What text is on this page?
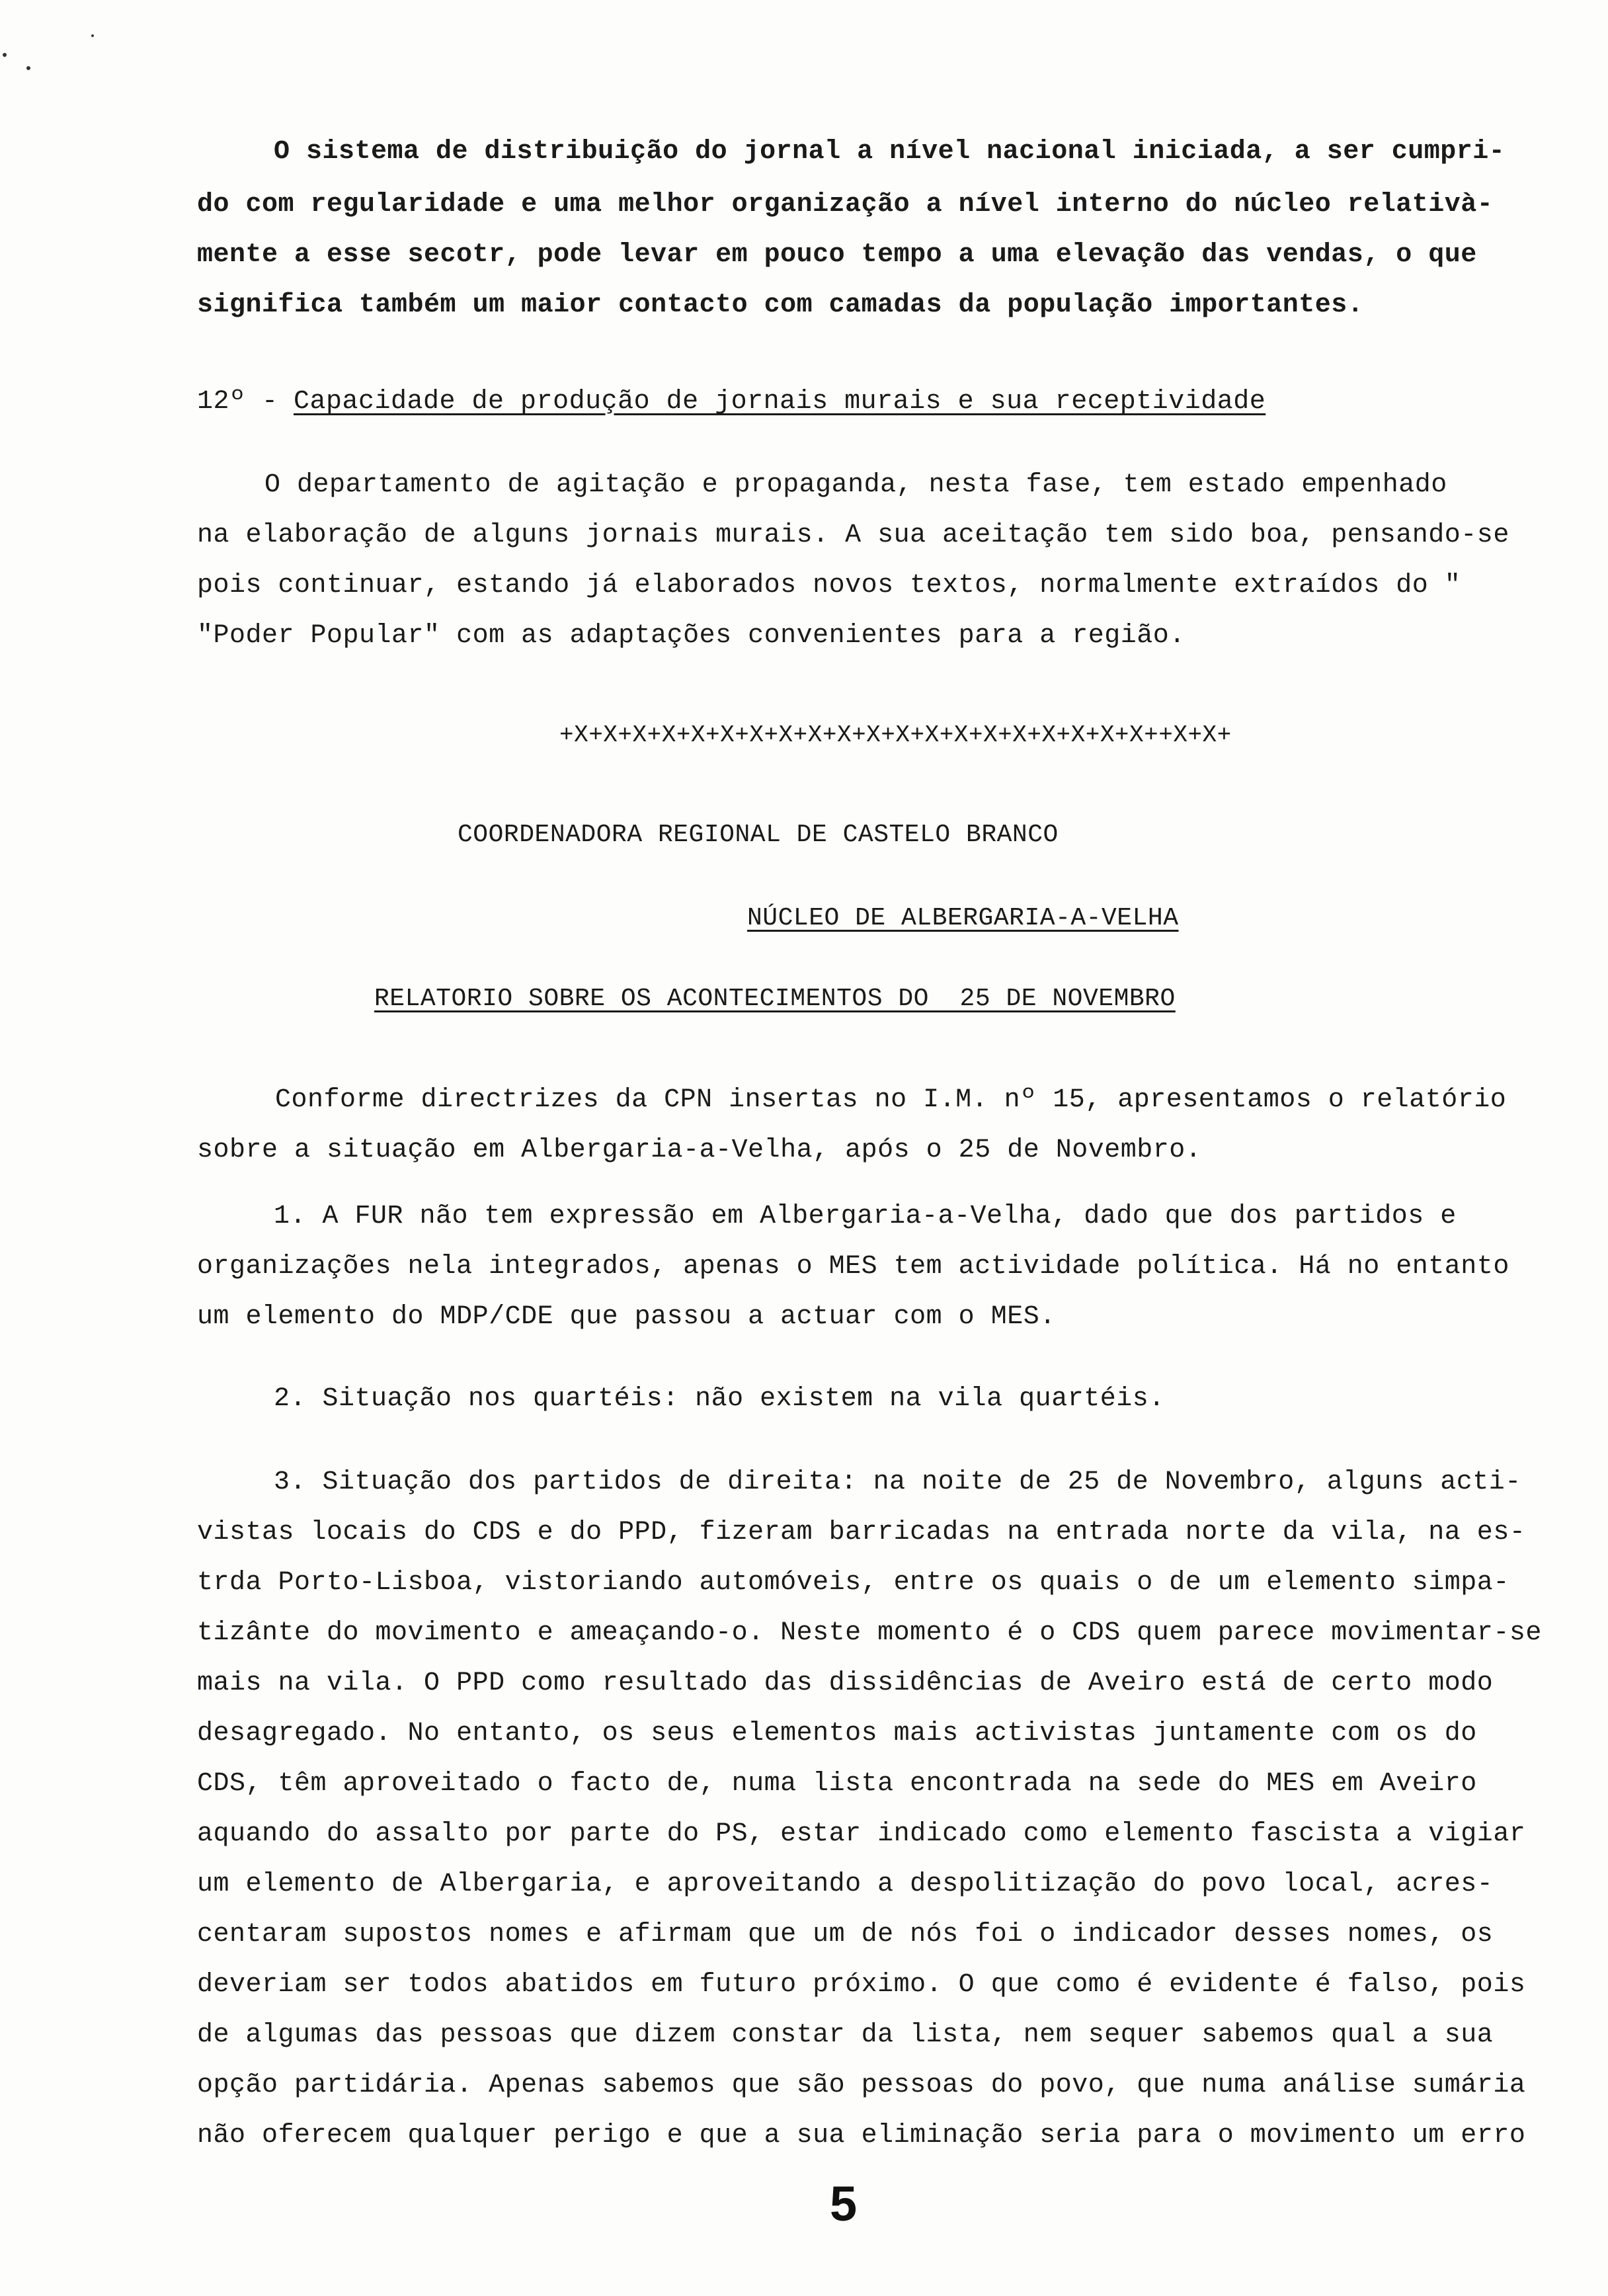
O sistema de distribuição do jornal a nível nacional iniciada, a ser cumpri-
do com regularidade e uma melhor organização a nível interno do núcleo relativà-
mente a esse secotr, pode levar em pouco tempo a uma elevação das vendas, o que
significa também um maior contacto com camadas da população importantes.
12º - Capacidade de produção de jornais murais e sua receptividade
O departamento de agitação e propaganda, nesta fase, tem estado empenhado
na elaboração de alguns jornais murais. A sua aceitação tem sido boa, pensando-se
pois continuar, estando já elaborados novos textos, normalmente extraídos do "
"Poder Popular" com as adaptações convenientes para a região.
+X+X+X+X+X+X+X+X+X+X+X+X+X+X+X+X+X+X+X+X++X+X+
COORDENADORA REGIONAL DE CASTELO BRANCO
NÚCLEO DE ALBERGARIA-A-VELHA
RELATORIO SOBRE OS ACONTECIMENTOS DO  25 DE NOVEMBRO
Conforme directrizes da CPN insertas no I.M. nº 15, apresentamos o relatório
sobre a situação em Albergaria-a-Velha, após o 25 de Novembro.
1. A FUR não tem expressão em Albergaria-a-Velha, dado que dos partidos e
organizações nela integrados, apenas o MES tem actividade política. Há no entanto
um elemento do MDP/CDE que passou a actuar com o MES.
2. Situação nos quartéis: não existem na vila quartéis.
3. Situação dos partidos de direita: na noite de 25 de Novembro, alguns acti-
vistas locais do CDS e do PPD, fizeram barricadas na entrada norte da vila, na es-
trda Porto-Lisboa, vistoriando automóveis, entre os quais o de um elemento simpa-
tizânte do movimento e ameaçando-o. Neste momento é o CDS quem parece movimentar-se
mais na vila. O PPD como resultado das dissidências de Aveiro está de certo modo
desagregado. No entanto, os seus elementos mais activistas juntamente com os do
CDS, têm aproveitado o facto de, numa lista encontrada na sede do MES em Aveiro
aquando do assalto por parte do PS, estar indicado como elemento fascista a vigiar
um elemento de Albergaria, e aproveitando a despolitização do povo local, acres-
centaram supostos nomes e afirmam que um de nós foi o indicador desses nomes, os
deveriam ser todos abatidos em futuro próximo. O que como é evidente é falso, pois
de algumas das pessoas que dizem constar da lista, nem sequer sabemos qual a sua
opção partidária. Apenas sabemos que são pessoas do povo, que numa análise sumária
não oferecem qualquer perigo e que a sua eliminação seria para o movimento um erro
5
